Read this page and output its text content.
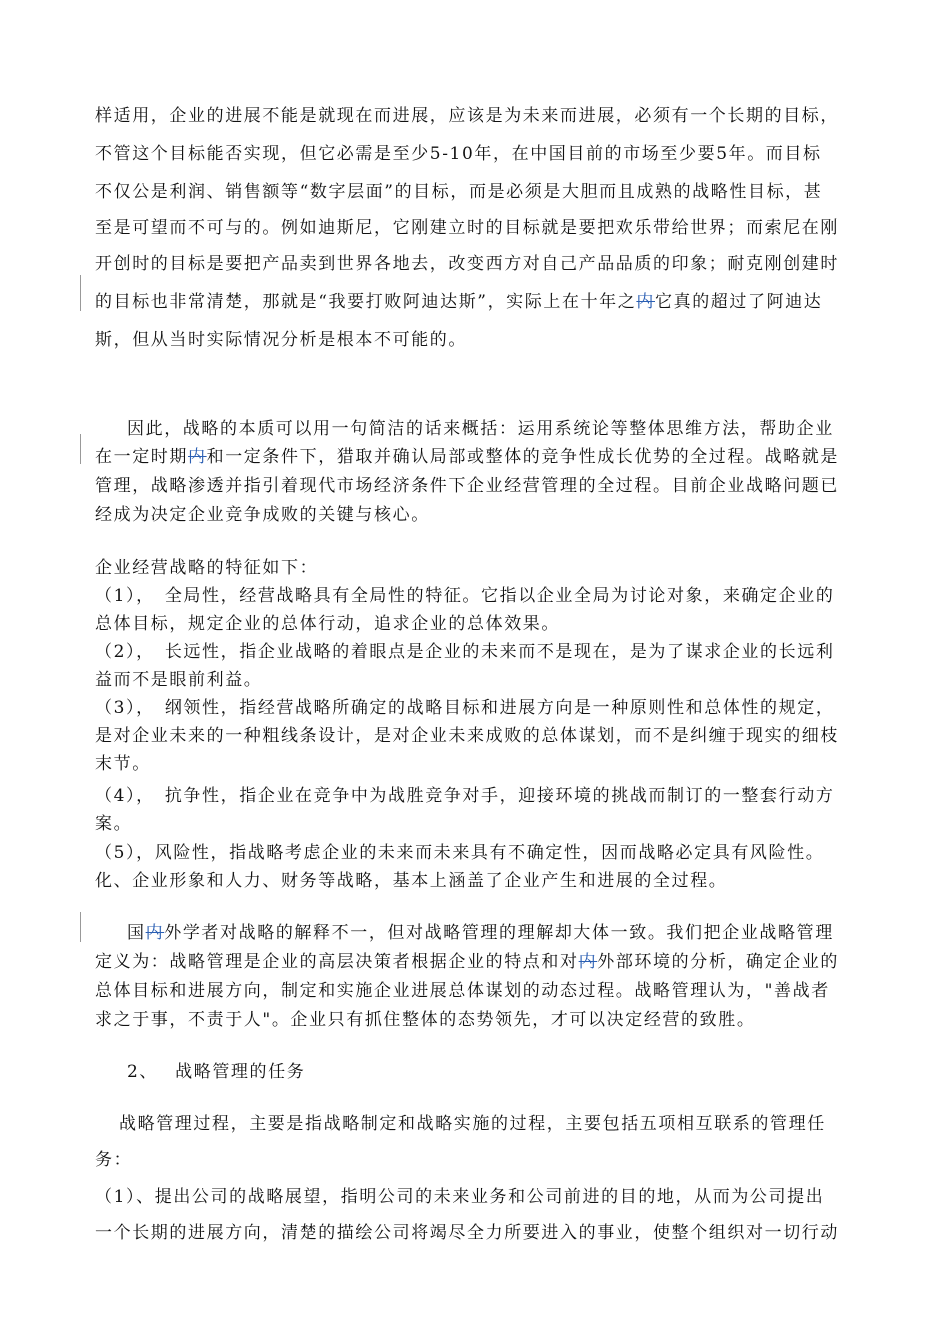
样适用，企业的进展不能是就现在而进展，应该是为未来而进展，必须有一个长期的目标，
不管这个目标能否实现，但它必需是至少5-10年，在中国目前的市场至少要5年。而目标
不仅公是利润、销售额等“数字层面”的目标，而是必须是大胆而且成熟的战略性目标，甚
至是可望而不可与的。例如迪斯尼，它刚建立时的目标就是要把欢乐带给世界；而索尼在刚
开创时的目标是要把产品卖到世界各地去，改变西方对自己产品品质的印象；耐克刚创建时
的目标也非常清楚，那就是“我要打败阿迪达斯”，实际上在十年之内它真的超过了阿迪达
斯，但从当时实际情况分析是根本不可能的。
因此，战略的本质可以用一句简洁的话来概括：运用系统论等整体思维方法，帮助企业
在一定时期内和一定条件下，猎取并确认局部或整体的竞争性成长优势的全过程。战略就是
管理，战略渗透并指引着现代市场经济条件下企业经营管理的全过程。目前企业战略问题已
经成为决定企业竞争成败的关键与核心。
企业经营战略的特征如下：
（1），　全局性，经营战略具有全局性的特征。它指以企业全局为讨论对象，来确定企业的
总体目标，规定企业的总体行动，追求企业的总体效果。
（2），　长远性，指企业战略的着眼点是企业的未来而不是现在，是为了谋求企业的长远利
益而不是眼前利益。
（3），　纲领性，指经营战略所确定的战略目标和进展方向是一种原则性和总体性的规定，
是对企业未来的一种粗线条设计，是对企业未来成败的总体谋划，而不是纠缠于现实的细枝
末节。
（4），　抗争性，指企业在竞争中为战胜竞争对手，迎接环境的挑战而制订的一整套行动方
案。
（5），风险性，指战略考虑企业的未来而未来具有不确定性，因而战略必定具有风险性。
化、企业形象和人力、财务等战略，基本上涵盖了企业产生和进展的全过程。
国内外学者对战略的解释不一，但对战略管理的理解却大体一致。我们把企业战略管理
定义为：战略管理是企业的高层决策者根据企业的特点和对内外部环境的分析，确定企业的
总体目标和进展方向，制定和实施企业进展总体谋划的动态过程。战略管理认为，"善战者
求之于事，不责于人"。企业只有抓住整体的态势领先，才可以决定经营的致胜。
2、　 战略管理的任务
战略管理过程，主要是指战略制定和战略实施的过程，主要包括五项相互联系的管理任
务：
（1）、提出公司的战略展望，指明公司的未来业务和公司前进的目的地，从而为公司提出
一个长期的进展方向，清楚的描绘公司将竭尽全力所要进入的事业，使整个组织对一切行动
